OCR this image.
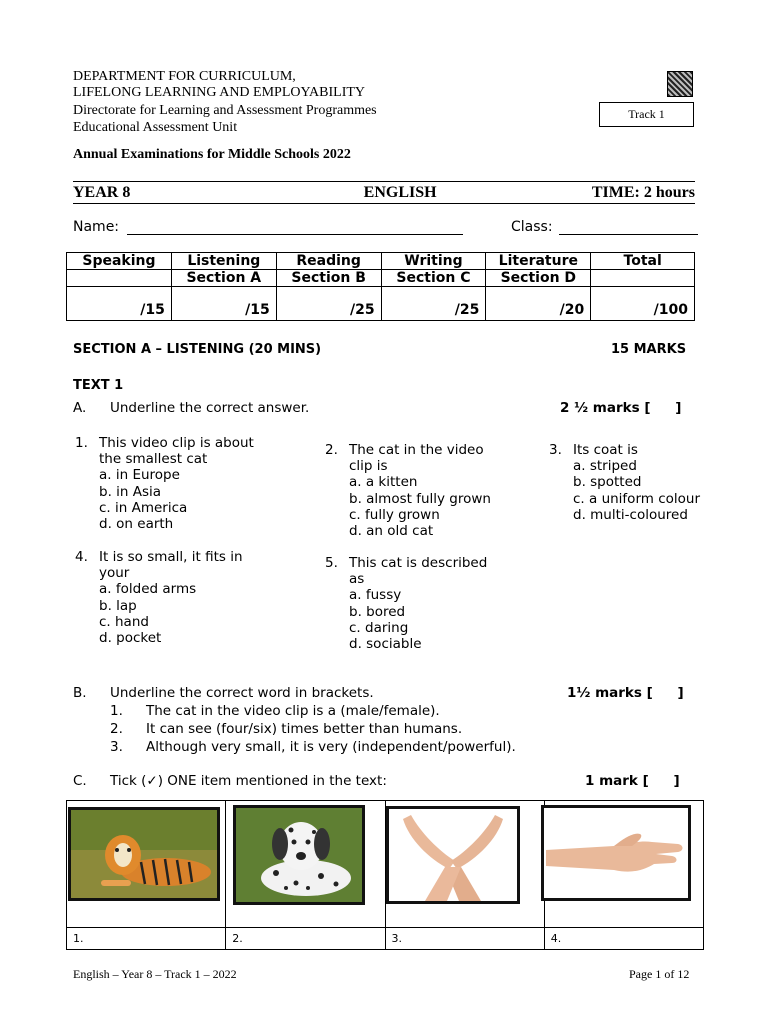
DEPARTMENT FOR CURRICULUM,
LIFELONG LEARNING AND EMPLOYABILITY
Directorate for Learning and Assessment Programmes
Educational Assessment Unit
Track 1
Annual Examinations for Middle Schools 2022
YEAR 8	ENGLISH	TIME: 2 hours
Name:	Class:
Speaking	Listening	Reading	Writing	Literature	Total
	Section A	Section B	Section C	Section D	
/15	/15	/25	/25	/20	/100
SECTION A – LISTENING (20 MINS)	15 MARKS
TEXT 1
A. Underline the correct answer.	2 ½ marks [ ]
1. This video clip is about
the smallest cat
a. in Europe
b. in Asia
c. in America
d. on earth
2. The cat in the video
clip is
a. a kitten
b. almost fully grown
c. fully grown
d. an old cat
3. Its coat is
a. striped
b. spotted
c. a uniform colour
d. multi-coloured
4. It is so small, it fits in
your
a. folded arms
b. lap
c. hand
d. pocket
5. This cat is described
as
a. fussy
b. bored
c. daring
d. sociable
B. Underline the correct word in brackets.	1½ marks [ ]
1. The cat in the video clip is a (male/female).
2. It can see (four/six) times better than humans.
3. Although very small, it is very (independent/powerful).
C. Tick (✓) ONE item mentioned in the text:	1 mark [ ]

1.	2.	3.	4.
English – Year 8 – Track 1 – 2022	Page 1 of 12
